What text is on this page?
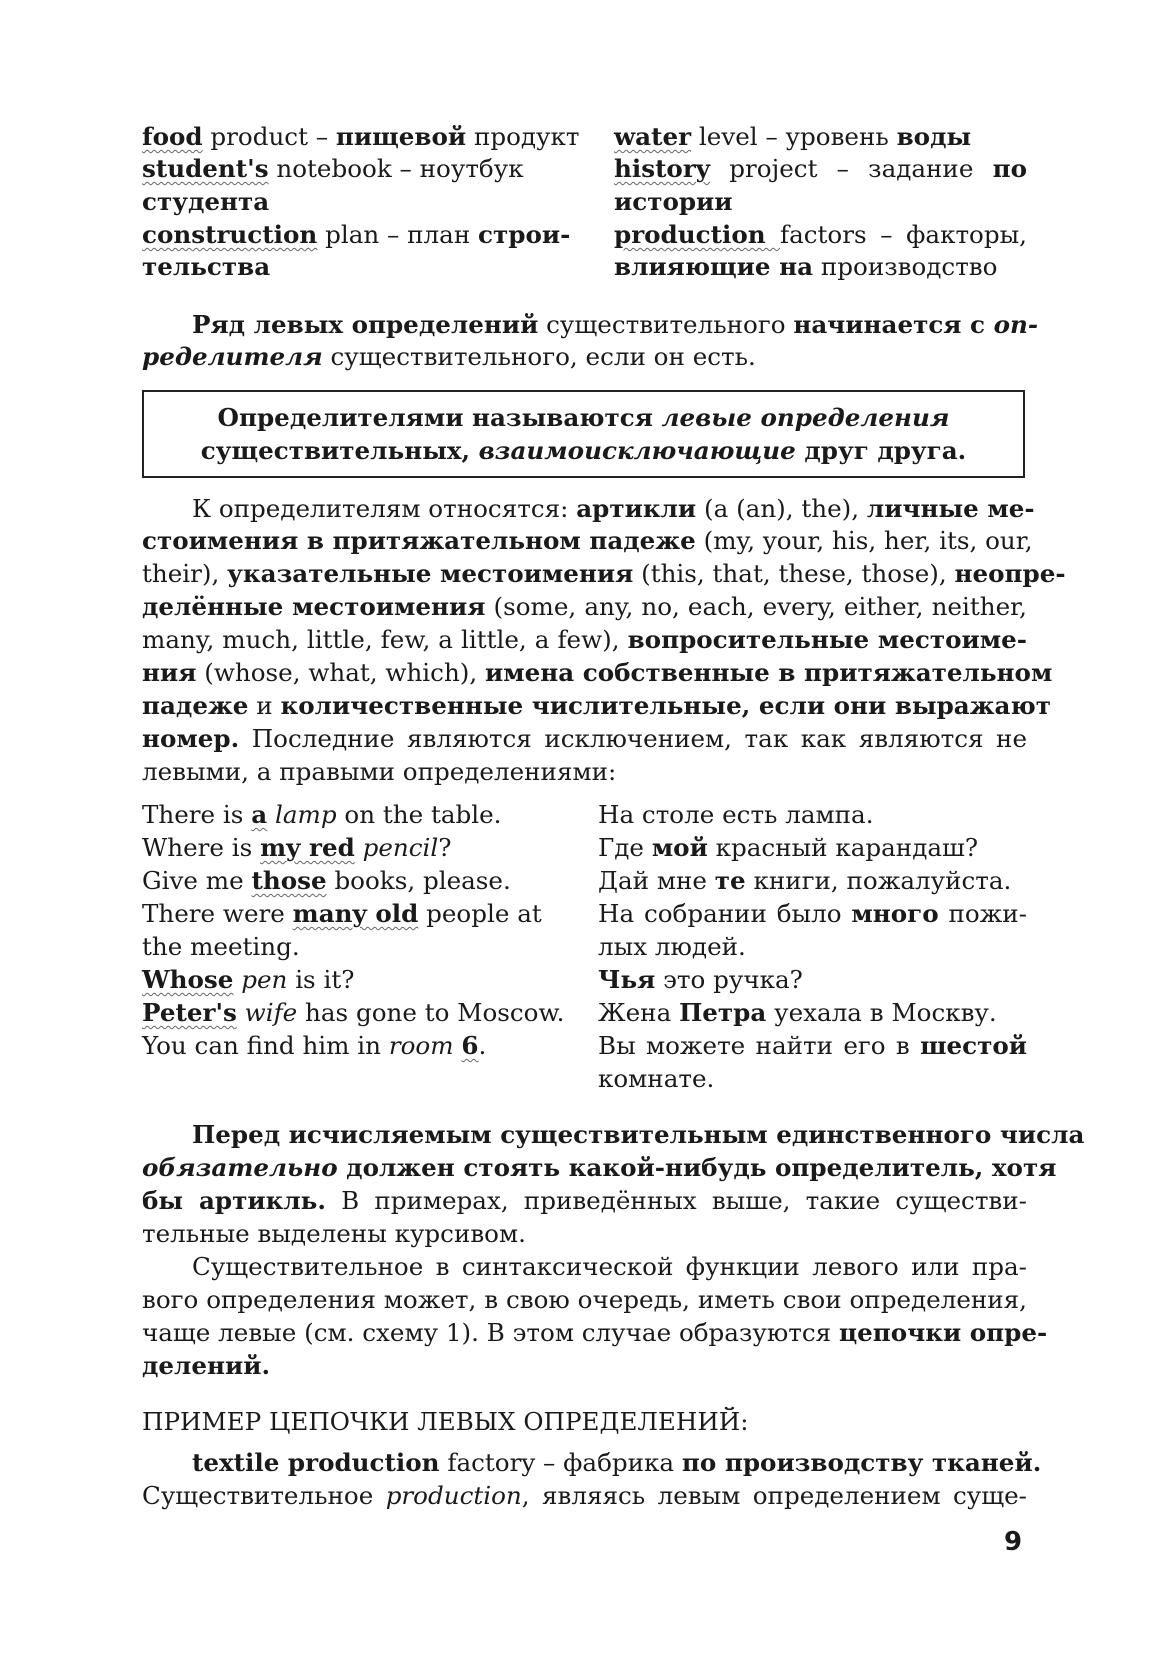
food product – пищевой продукт
student's notebook – ноутбук
студента
construction plan – план строи-
тельства
water level – уровень воды
history project – задание по
истории
production factors – факторы,
влияющие на производство
Ряд левых определений существительного начинается с оп-
ределителя существительного, если он есть.
Определителями называются левые определения
существительных, взаимоисключающие друг друга.
К определителям относятся: артикли (a (an), the), личные ме-
стоимения в притяжательном падеже (my, your, his, her, its, our,
their), указательные местоимения (this, that, these, those), неопре-
делённые местоимения (some, any, no, each, every, either, neither,
many, much, little, few, a little, a few), вопросительные местоиме-
ния (whose, what, which), имена собственные в притяжательном
падеже и количественные числительные, если они выражают
номер. Последние являются исключением, так как являются не
левыми, а правыми определениями:
There is a lamp on the table.
Where is my red pencil?
Give me those books, please.
There were many old people at
the meeting.
Whose pen is it?
Peter's wife has gone to Moscow.
You can find him in room 6.
На столе есть лампа.
Где мой красный карандаш?
Дай мне те книги, пожалуйста.
На собрании было много пожи-
лых людей.
Чья это ручка?
Жена Петра уехала в Москву.
Вы можете найти его в шестой
комнате.
Перед исчисляемым существительным единственного числа
обязательно должен стоять какой-нибудь определитель, хотя
бы артикль. В примерах, приведённых выше, такие существи-
тельные выделены курсивом.
Существительное в синтаксической функции левого или пра-
вого определения может, в свою очередь, иметь свои определения,
чаще левые (см. схему 1). В этом случае образуются цепочки опре-
делений.
ПРИМЕР ЦЕПОЧКИ ЛЕВЫХ ОПРЕДЕЛЕНИЙ:
textile production factory – фабрика по производству тканей.
Существительное production, являясь левым определением суще-
9
